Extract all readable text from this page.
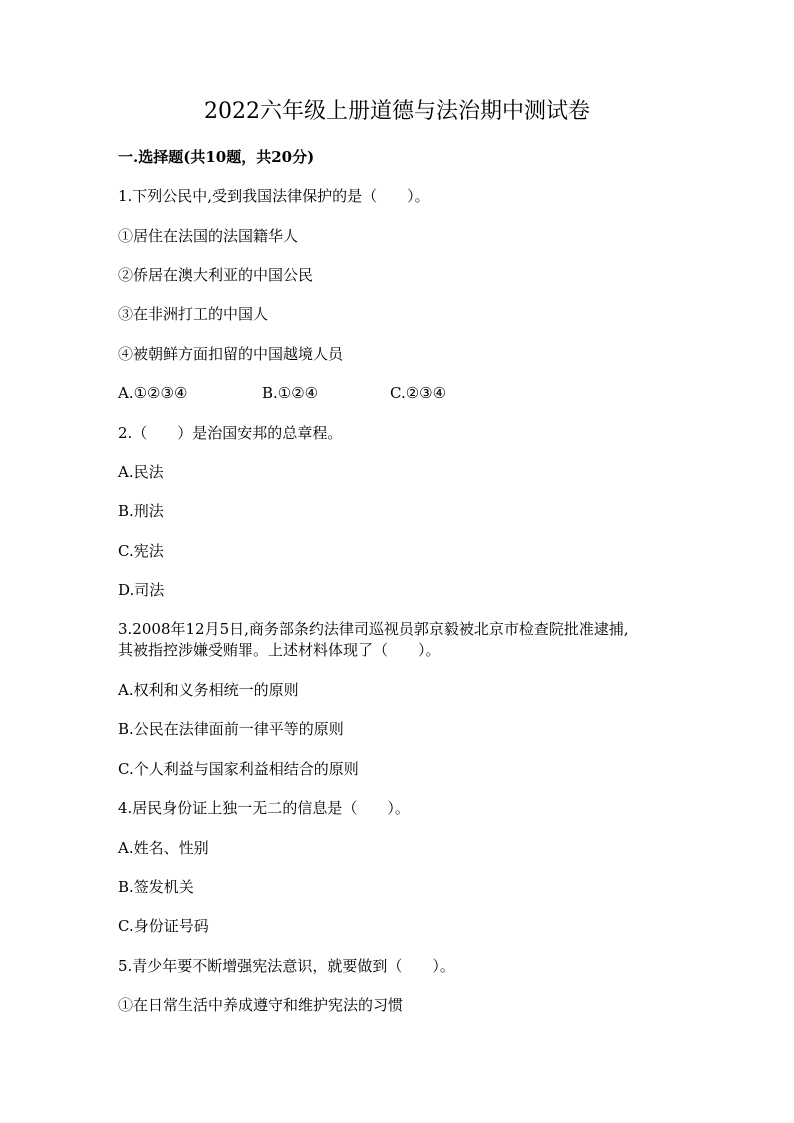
2022六年级上册道德与法治期中测试卷
一.选择题(共10题，共20分)
1.下列公民中,受到我国法律保护的是（　　）。
①居住在法国的法国籍华人
②侨居在澳大利亚的中国公民
③在非洲打工的中国人
④被朝鲜方面扣留的中国越境人员
A.①②③④	B.①②④	C.②③④
2.（　　）是治国安邦的总章程。
A.民法
B.刑法
C.宪法
D.司法
3.2008年12月5日,商务部条约法律司巡视员郭京毅被北京市检查院批准逮捕,
其被指控涉嫌受贿罪。上述材料体现了（　　）。
A.权利和义务相统一的原则
B.公民在法律面前一律平等的原则
C.个人利益与国家利益相结合的原则
4.居民身份证上独一无二的信息是（　　）。
A.姓名、性别
B.签发机关
C.身份证号码
5.青少年要不断增强宪法意识，就要做到（　　）。
①在日常生活中养成遵守和维护宪法的习惯
